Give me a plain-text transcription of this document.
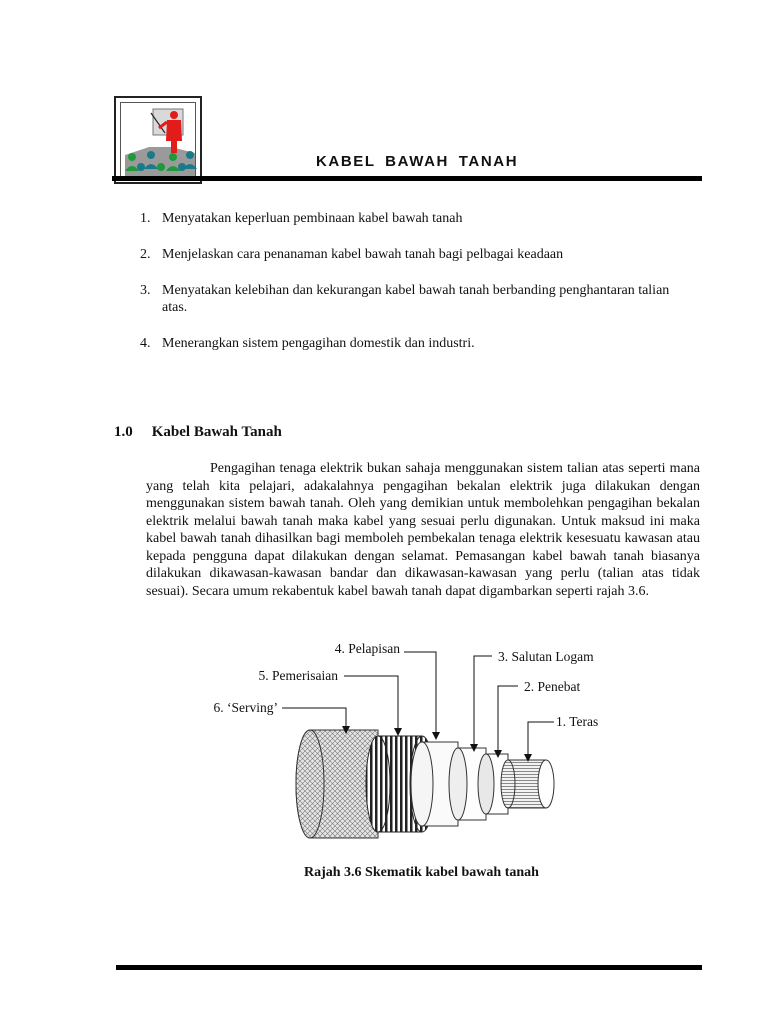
KABEL BAWAH TANAH
1. Menyatakan keperluan pembinaan kabel bawah tanah
2. Menjelaskan cara penanaman kabel bawah tanah bagi pelbagai keadaan
3. Menyatakan kelebihan dan kekurangan kabel bawah tanah berbanding penghantaran talian atas.
4. Menerangkan sistem pengagihan domestik dan industri.
1.0 Kabel Bawah Tanah
Pengagihan tenaga elektrik bukan sahaja menggunakan sistem talian atas seperti mana yang telah kita pelajari, adakalahnya pengagihan bekalan elektrik juga dilakukan dengan menggunakan sistem bawah tanah. Oleh yang demikian untuk membolehkan pengagihan bekalan elektrik melalui bawah tanah maka kabel yang sesuai perlu digunakan. Untuk maksud ini maka kabel bawah tanah dihasilkan bagi memboleh pembekalan tenaga elektrik kesesuatu kawasan atau kepada pengguna dapat dilakukan dengan selamat. Pemasangan kabel bawah tanah biasanya dilakukan dikawasan-kawasan bandar dan dikawasan-kawasan yang perlu (talian atas tidak sesuai). Secara umum rekabentuk kabel bawah tanah dapat digambarkan seperti rajah 3.6.
4. Pelapisan
3. Salutan Logam
5. Pemerisaian
2. Penebat
6. ‘Serving’
1. Teras
Rajah 3.6 Skematik kabel bawah tanah
